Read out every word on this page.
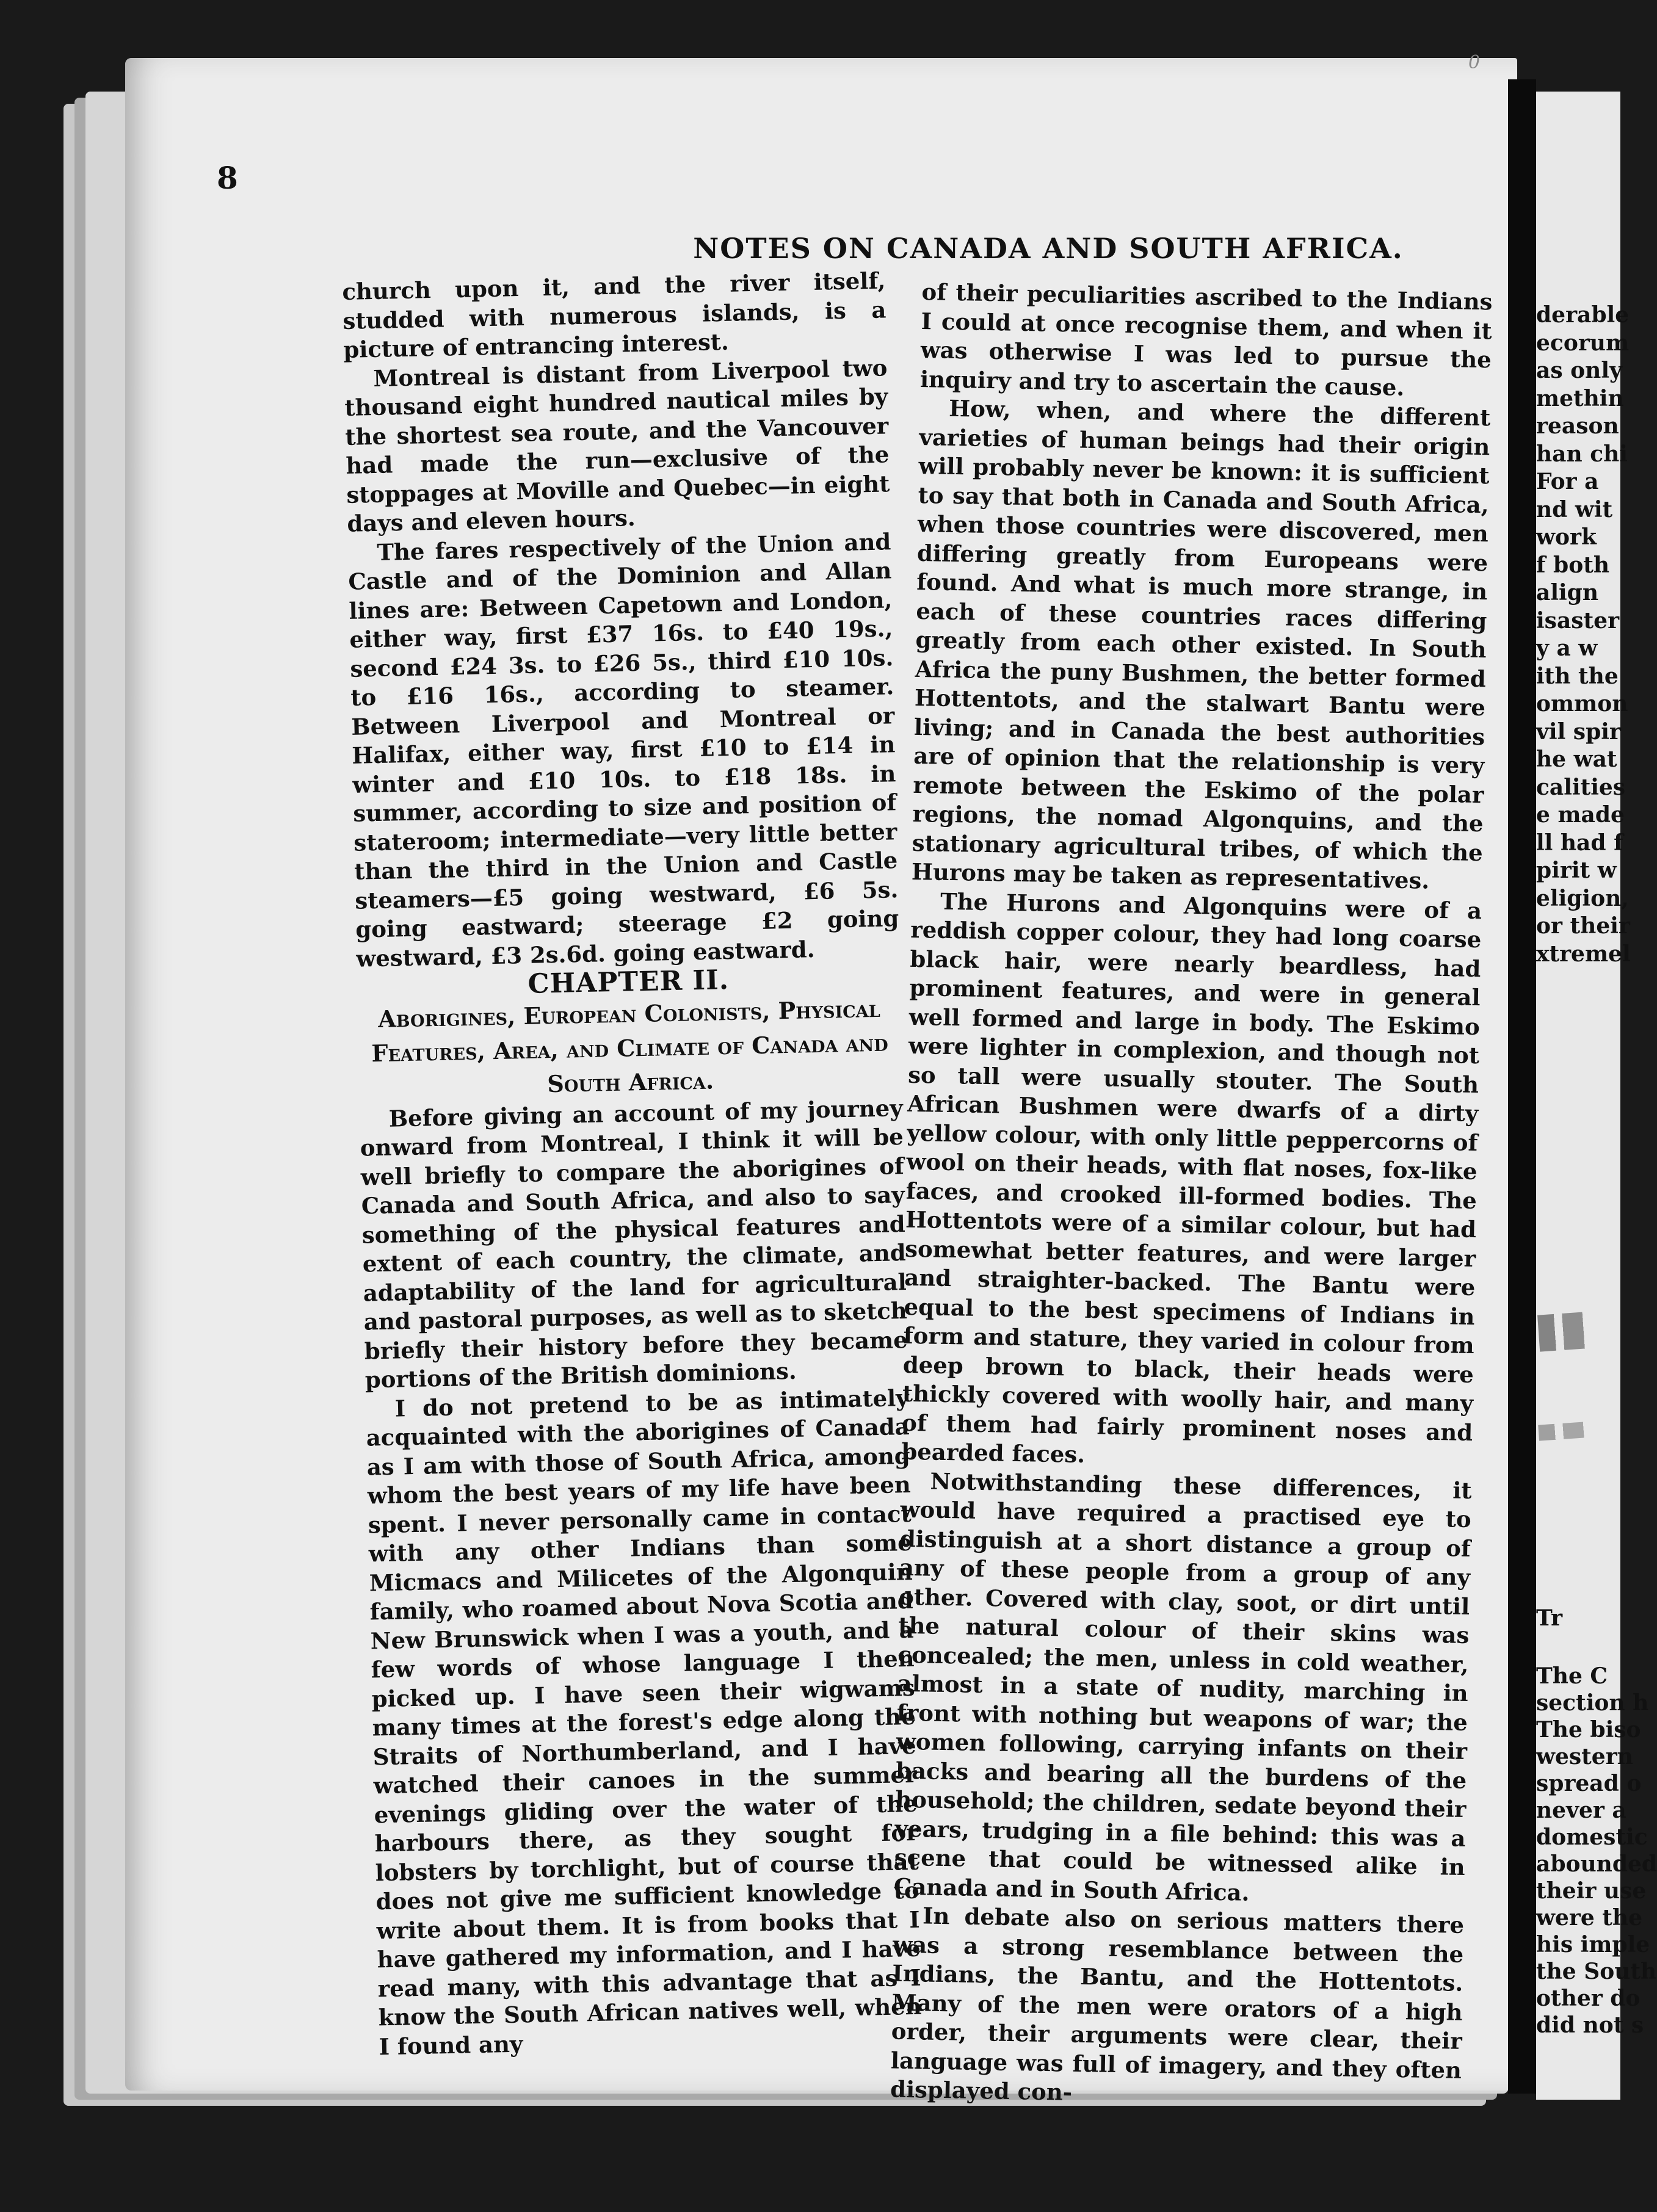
0

8

NOTES ON CANADA AND SOUTH AFRICA.

church upon it, and the river itself, studded with numerous islands, is a picture of entrancing interest.

Montreal is distant from Liverpool two thousand eight hundred nautical miles by the shortest sea route, and the Vancouver had made the run—exclusive of the stoppages at Moville and Quebec—in eight days and eleven hours.

The fares respectively of the Union and Castle and of the Dominion and Allan lines are: Between Capetown and London, either way, first £37 16s. to £40 19s., second £24 3s. to £26 5s., third £10 10s. to £16 16s., according to steamer. Between Liverpool and Montreal or Halifax, either way, first £10 to £14 in winter and £10 10s. to £18 18s. in summer, according to size and position of stateroom; intermediate—very little better than the third in the Union and Castle steamers—£5 going westward, £6 5s. going eastward; steerage £2 going westward, £3 2s.6d. going eastward.

CHAPTER II.

Aborigines, European Colonists, Physical Features, Area, and Climate of Canada and South Africa.

Before giving an account of my journey onward from Montreal, I think it will be well briefly to compare the aborigines of Canada and South Africa, and also to say something of the physical features and extent of each country, the climate, and adaptability of the land for agricultural and pastoral purposes, as well as to sketch briefly their history before they became portions of the British dominions.

I do not pretend to be as intimately acquainted with the aborigines of Canada as I am with those of South Africa, among whom the best years of my life have been spent. I never personally came in contact with any other Indians than some Micmacs and Milicetes of the Algonquin family, who roamed about Nova Scotia and New Brunswick when I was a youth, and a few words of whose language I then picked up. I have seen their wigwams many times at the forest's edge along the Straits of Northumberland, and I have watched their canoes in the summer evenings gliding over the water of the harbours there, as they sought for lobsters by torchlight, but of course that does not give me sufficient knowledge to write about them. It is from books that I have gathered my information, and I have read many, with this advantage that as I know the South African natives well, when I found any

of their peculiarities ascribed to the Indians I could at once recognise them, and when it was otherwise I was led to pursue the inquiry and try to ascertain the cause.

How, when, and where the different varieties of human beings had their origin will probably never be known: it is sufficient to say that both in Canada and South Africa, when those countries were discovered, men differing greatly from Europeans were found. And what is much more strange, in each of these countries races differing greatly from each other existed. In South Africa the puny Bushmen, the better formed Hottentots, and the stalwart Bantu were living; and in Canada the best authorities are of opinion that the relationship is very remote between the Eskimo of the polar regions, the nomad Algonquins, and the stationary agricultural tribes, of which the Hurons may be taken as representatives.

The Hurons and Algonquins were of a reddish copper colour, they had long coarse black hair, were nearly beardless, had prominent features, and were in general well formed and large in body. The Eskimo were lighter in complexion, and though not so tall were usually stouter. The South African Bushmen were dwarfs of a dirty yellow colour, with only little peppercorns of wool on their heads, with flat noses, fox-like faces, and crooked ill-formed bodies. The Hottentots were of a similar colour, but had somewhat better features, and were larger and straighter-backed. The Bantu were equal to the best specimens of Indians in form and stature, they varied in colour from deep brown to black, their heads were thickly covered with woolly hair, and many of them had fairly prominent noses and bearded faces.

Notwithstanding these differences, it would have required a practised eye to distinguish at a short distance a group of any of these people from a group of any other. Covered with clay, soot, or dirt until the natural colour of their skins was concealed; the men, unless in cold weather, almost in a state of nudity, marching in front with nothing but weapons of war; the women following, carrying infants on their backs and bearing all the burdens of the household; the children, sedate beyond their years, trudging in a file behind: this was a scene that could be witnessed alike in Canada and in South Africa.

In debate also on serious matters there was a strong resemblance between the Indians, the Bantu, and the Hottentots. Many of the men were orators of a high order, their arguments were clear, their language was full of imagery, and they often displayed con-

derable

ecorum

as only

methin

reason

han chi

For a

nd wit

work

f both

align

isaster

y a w

ith the

ommon

vil spir

he wat

calities

e made

ll had f

pirit w

eligion,

or their

xtremel

Tr

The C

section h

The biso

western

spread o

never a

domestic

abounded

their use

were the

his imple

the South

other do

did not s
